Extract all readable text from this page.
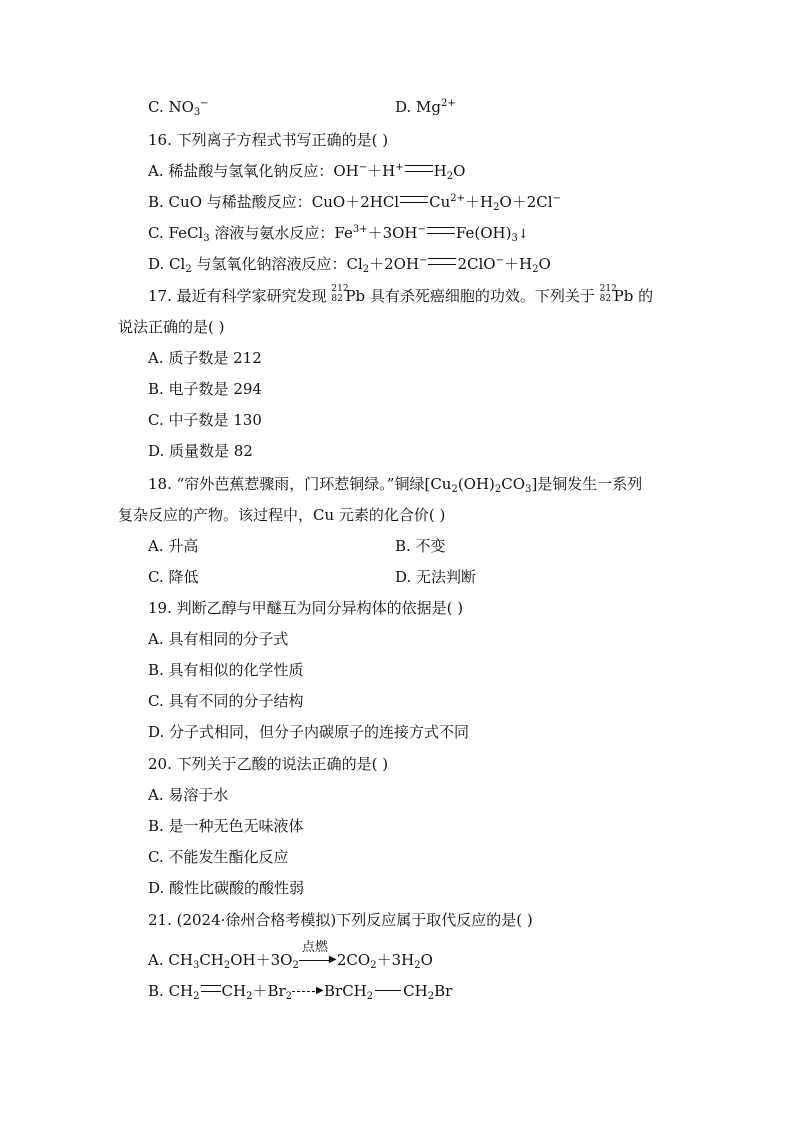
C. $NO_3^-$	D. $Mg^{2+}$
16. 下列离子方程式书写正确的是( )
A. 稀盐酸与氢氧化钠反应：OH−＋H+ $H_2O$
B. CuO 与稀盐酸反应：CuO＋2HCl $Cu^{2+}+H_2O+2Cl^-$
C. FeCl$_3$ 溶液与氨水反应：$Fe^{3+}+3OH^-$ $Fe(OH)_3↓$
D. $Cl_2$ 与氢氧化钠溶液反应：$Cl_2+2OH^-$ $2ClO^-+H_2O$
17. 最近有科学家研究发现 212
82 Pb 具有杀死癌细胞的功效。下列关于 212
82 Pb 的
说法正确的是( )
A. 质子数是 212
B. 电子数是 294
C. 中子数是 130
D. 质量数是 82
18. “帘外芭蕉惹骤雨，门环惹铜绿。”铜绿$[Cu_2(OH)_2CO_3]$是铜发生一系列
复杂反应的产物。该过程中，Cu 元素的化合价( )
A. 升高	B. 不变
C. 降低	D. 无法判断
19. 判断乙醇与甲醚互为同分异构体的依据是( )
A. 具有相同的分子式
B. 具有相似的化学性质
C. 具有不同的分子结构
D. 分子式相同，但分子内碳原子的连接方式不同
20. 下列关于乙酸的说法正确的是( )
A. 易溶于水
B. 是一种无色无味液体
C. 不能发生酯化反应
D. 酸性比碳酸的酸性弱
21. (2024·徐州合格考模拟)下列反应属于取代反应的是( )
A. $CH_3CH_2OH+3O_2$
点燃
▶ $2CO_2+3H_2O$
B. $CH_2$ $CH_2+Br_2$
▶ BrCH$_2$ $CH_2Br$
